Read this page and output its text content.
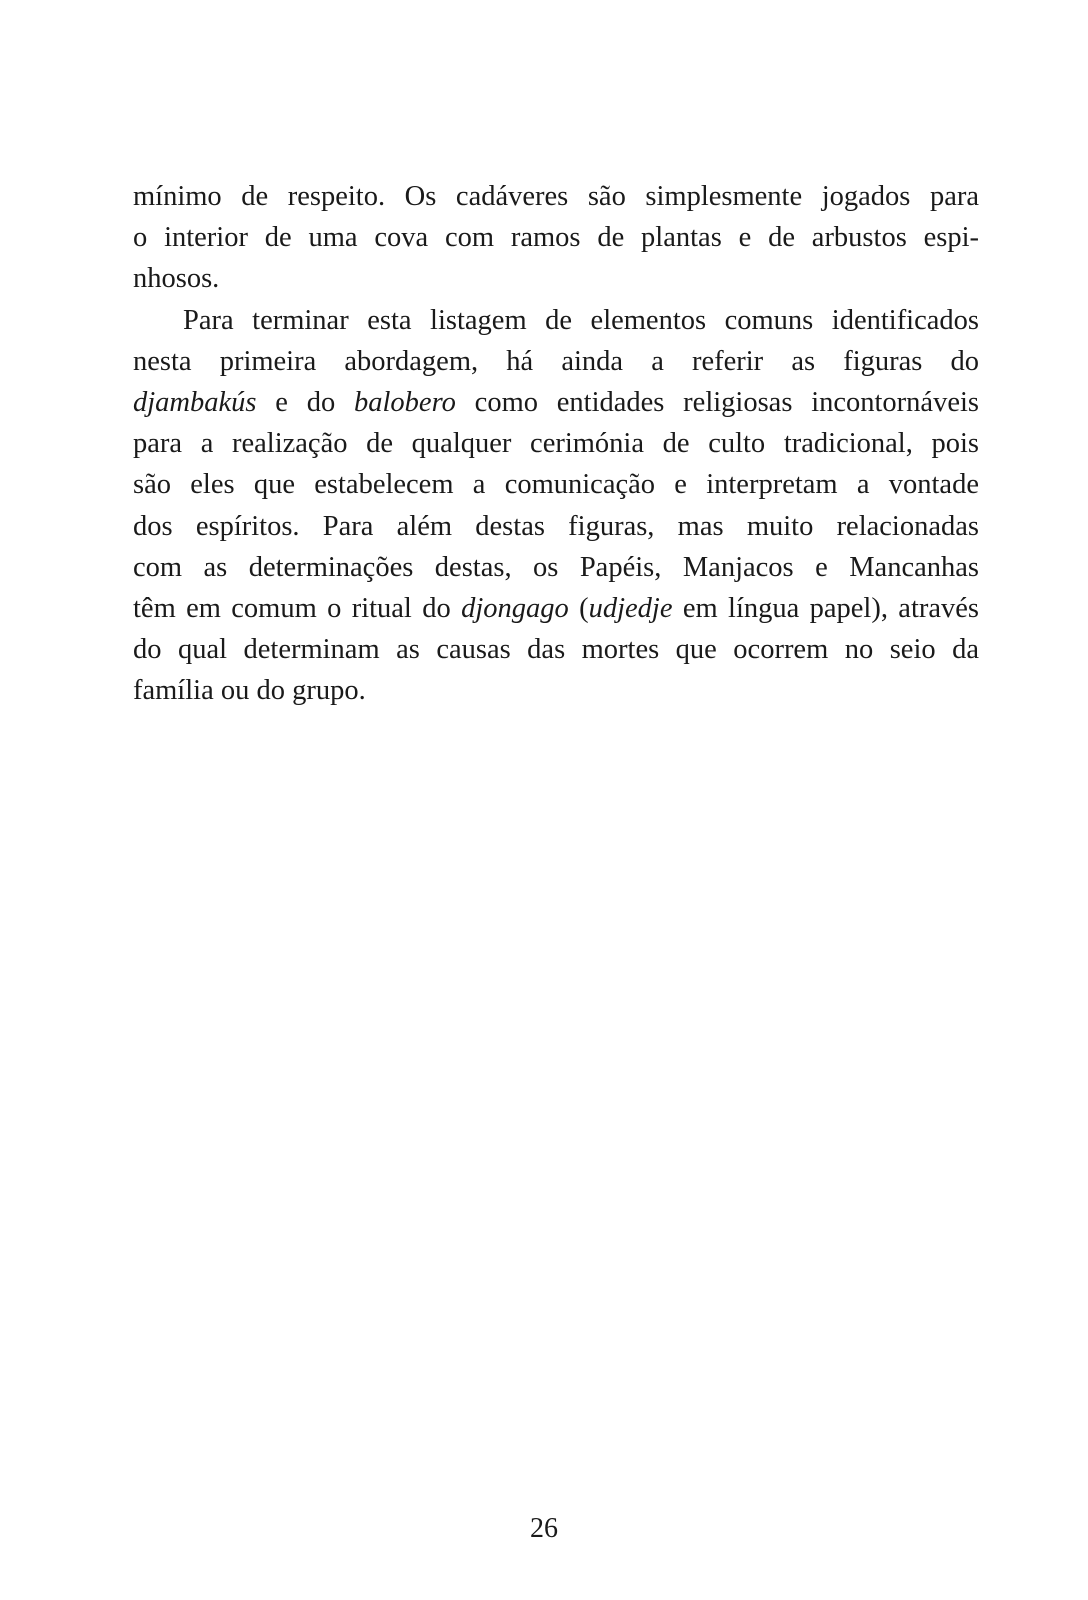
mínimo de respeito. Os cadáveres são simplesmente jogados para
o interior de uma cova com ramos de plantas e de arbustos espi-
nhosos.
Para terminar esta listagem de elementos comuns identificados
nesta primeira abordagem, há ainda a referir as figuras do
djambakús e do balobero como entidades religiosas incontornáveis
para a realização de qualquer cerimónia de culto tradicional, pois
são eles que estabelecem a comunicação e interpretam a vontade
dos espíritos. Para além destas figuras, mas muito relacionadas
com as determinações destas, os Papéis, Manjacos e Mancanhas
têm em comum o ritual do djongago (udjedje em língua papel), através
do qual determinam as causas das mortes que ocorrem no seio da
família ou do grupo.
26
